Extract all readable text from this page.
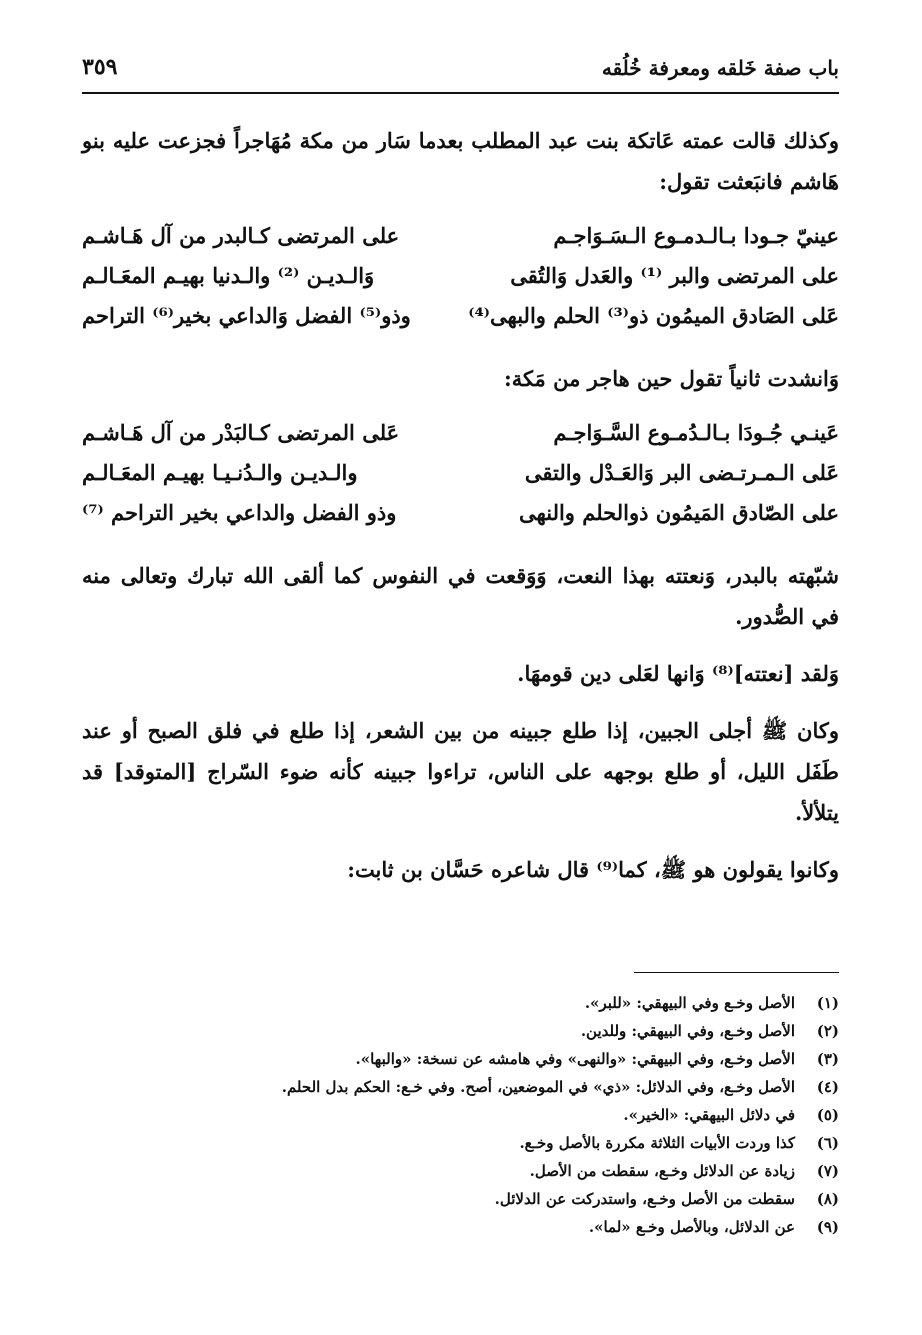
باب صفة خَلقه ومعرفة خُلُقه
٣٥٩

وكذلك قالت عمته عَاتكة بنت عبد المطلب بعدما سَار من مكة مُهَاجراً فجزعت عليه بنو هَاشم فانبَعثت تقول:

عينيّ جـودا بـالـدمـوع الـسَـوَاجـم
على المرتضى كـالبدر من آل هَـاشـم
على المرتضى والبر ⁽¹⁾ والعَدل وَالتُقى
وَالـديـن ⁽²⁾ والـدنيا بهيـم المعَـالـم
عَلى الصَادق الميمُون ذو⁽³⁾ الحلم والبهى⁽⁴⁾
وذو⁽⁵⁾ الفضل وَالداعي بخير⁽⁶⁾ التراحم

وَانشدت ثانياً تقول حين هاجر من مَكة:

عَينـي جُـودَا بـالـدُمـوع السَّـوَاجـم
عَلى المرتضى كـالبَدْر من آل هَـاشـم
عَلى الـمـرتـضى البر وَالعَـدْل والتقى
والـديـن والـدُنـيـا بهيـم المعَـالـم
على الصّادق المَيمُون ذوالحلم والنهى
وذو الفضل والداعي بخير التراحم ⁽⁷⁾

شبّهته بالبدر، وَنعتته بهذا النعت، وَوَقعت في النفوس كما ألقى الله تبارك وتعالى منه في الصُّدور.

وَلقد [نعتته]⁽⁸⁾ وَانها لعَلى دين قومهَا.

وكان ﷺ أجلى الجبين، إذا طلع جبينه من بين الشعر، إذا طلع في فلق الصبح أو عند طَفَل الليل، أو طلع بوجهه على الناس، تراءوا جبينه كأنه ضوء السّراج [المتوقد] قد يتلألأ.

وكانوا يقولون هو ﷺ، كما⁽⁹⁾ قال شاعره حَسَّان بن ثابت:

(١)
الأصل وخـع وفي البيهقي: «للبر».
(٢)
الأصل وخـع، وفي البيهقي: وللدين.
(٣)
الأصل وخـع، وفي البيهقي: «والنهى» وفي هامشه عن نسخة: «والبها».
(٤)
الأصل وخـع، وفي الدلائل: «ذي» في الموضعين، أصح. وفي خـع: الحكم بدل الحلم.
(٥)
في دلائل البيهقي: «الخير».
(٦)
كذا وردت الأبيات الثلاثة مكررة بالأصل وخـع.
(٧)
زيادة عن الدلائل وخـع، سقطت من الأصل.
(٨)
سقطت من الأصل وخـع، واستدركت عن الدلائل.
(٩)
عن الدلائل، وبالأصل وخـع «لما».
